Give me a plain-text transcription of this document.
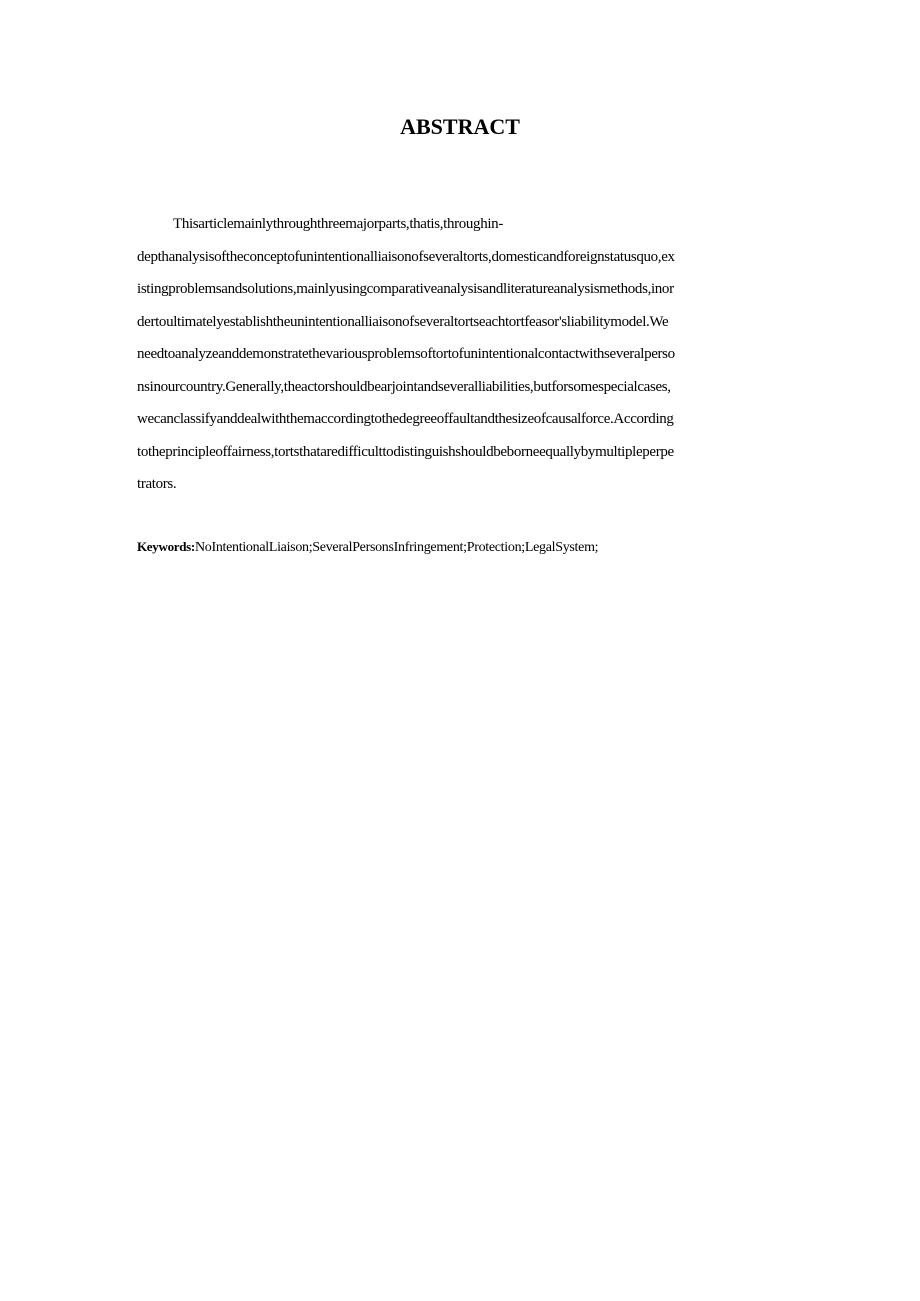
ABSTRACT
Thisarticlemainlythroughthreemajorparts,thatis,throughin-
depthanalysisoftheconceptofunintentionalliaisonofseveraltorts,domesticandforeignstatusquo,ex
istingproblemsandsolutions,mainlyusingcomparativeanalysisandliteratureanalysismethods,inor
dertoultimatelyestablishtheunintentionalliaisonofseveraltortseachtortfeasor'sliabilitymodel.We
needtoanalyzeanddemonstratethevariousproblemsoftortofunintentionalcontactwithseveralperso
nsinourcountry.Generally,theactorshouldbearjointandseveralliabilities,butforsomespecialcases,
wecanclassifyanddealwiththemaccordingtothedegreeoffaultandthesizeofcausalforce.According
totheprincipleoffairness,tortsthataredifficulttodistinguishshouldbeborneequallybymultipleperpe
trators.

Keywords:NoIntentionalLiaison;SeveralPersonsInfringement;Protection;LegalSystem;
